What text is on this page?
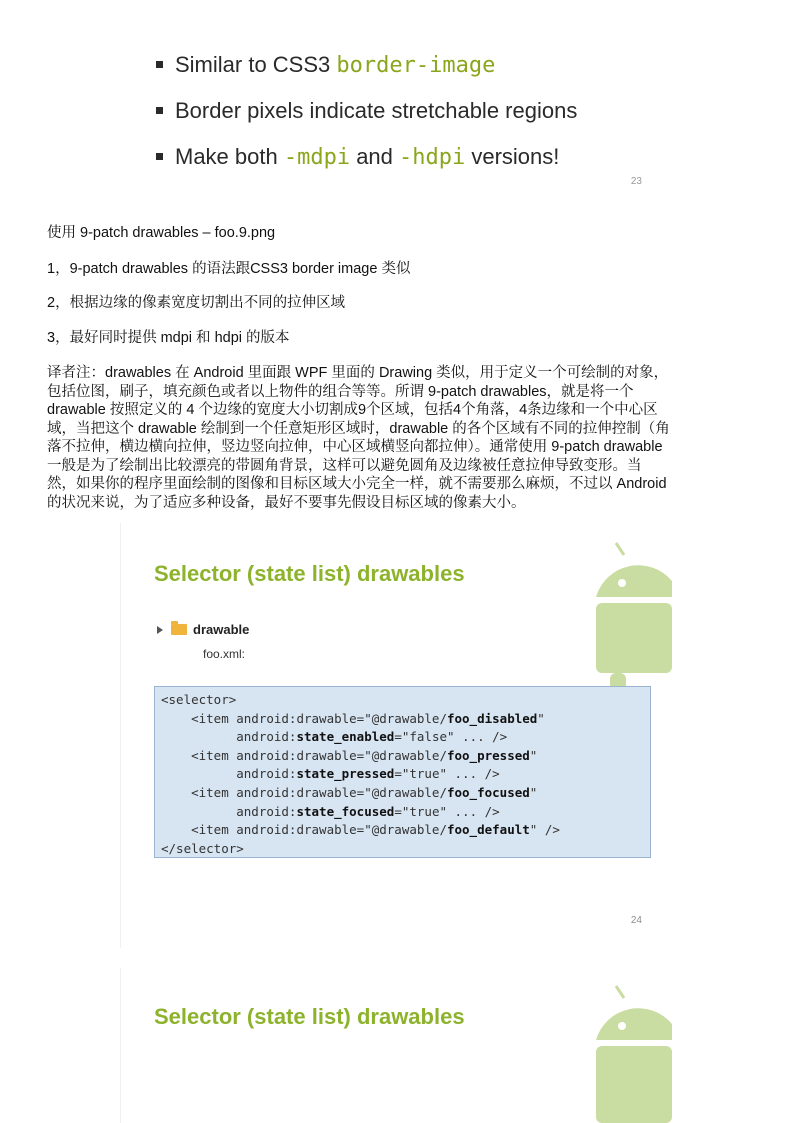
Similar to CSS3 border-image
Border pixels indicate stretchable regions
Make both -mdpi and -hdpi versions!
23
使用 9-patch drawables – foo.9.png
1，9-patch drawables 的语法跟CSS3 border image 类似
2，根据边缘的像素宽度切割出不同的拉伸区域
3，最好同时提供 mdpi 和 hdpi 的版本
译者注：drawables 在 Android 里面跟 WPF 里面的 Drawing 类似，用于定义一个可绘制的对象，
包括位图，刷子，填充颜色或者以上物件的组合等等。所谓 9-patch drawables，就是将一个
drawable 按照定义的 4 个边缘的宽度大小切割成9个区域，包括4个角落，4条边缘和一个中心区
域，当把这个 drawable 绘制到一个任意矩形区域时，drawable 的各个区域有不同的拉伸控制（角
落不拉伸，横边横向拉伸，竖边竖向拉伸，中心区域横竖向都拉伸）。通常使用 9-patch drawable
一般是为了绘制出比较漂亮的带圆角背景，这样可以避免圆角及边缘被任意拉伸导致变形。当
然，如果你的程序里面绘制的图像和目标区域大小完全一样，就不需要那么麻烦，不过以 Android
的状况来说，为了适应多种设备，最好不要事先假设目标区域的像素大小。
Selector (state list) drawables
drawable
foo.xml:
<selector>
<item android:drawable="@drawable/foo_disabled"
android:state_enabled="false" ... />
<item android:drawable="@drawable/foo_pressed"
android:state_pressed="true" ... />
<item android:drawable="@drawable/foo_focused"
android:state_focused="true" ... />
<item android:drawable="@drawable/foo_default" />
</selector>
24
Selector (state list) drawables
